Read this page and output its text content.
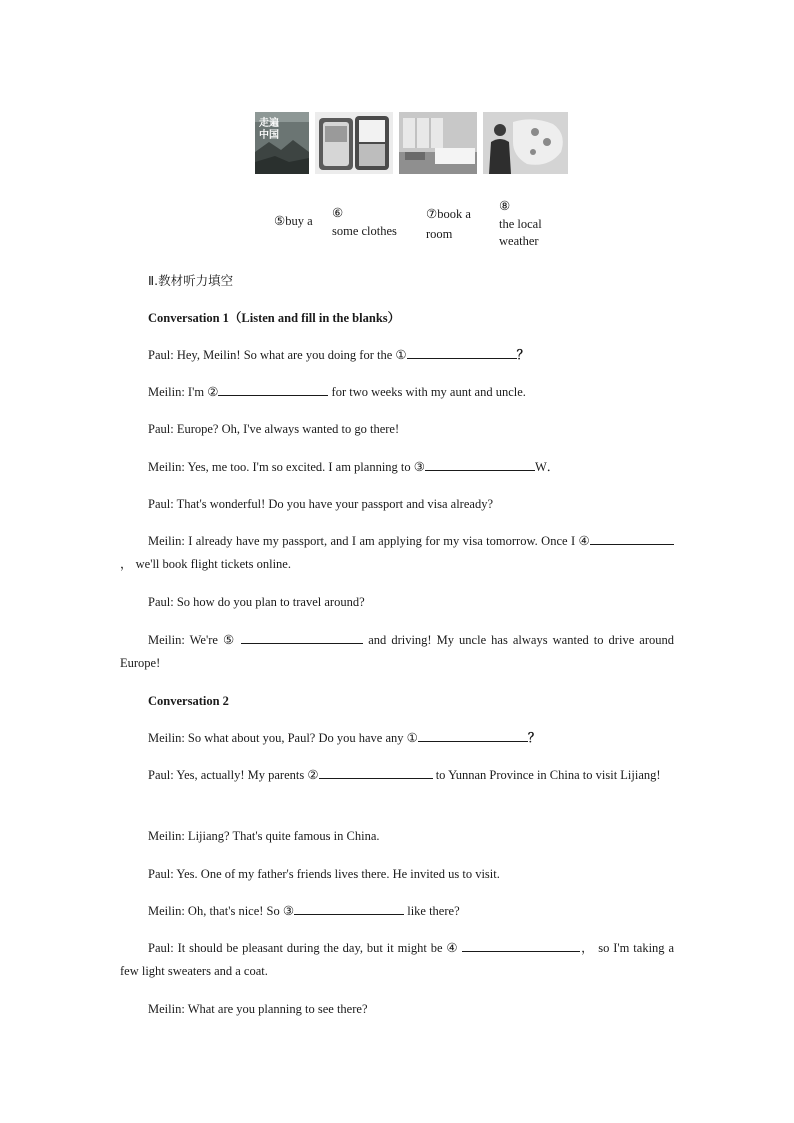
走遍中国
⑤buy a
⑥
some clothes
⑦book a
room
⑧
the local
weather
Ⅱ.教材听力填空
Conversation 1（Listen and fill in the blanks）
Paul: Hey, Meilin! So what are you doing for the ①	？
Meilin: I'm ②	for two weeks with my aunt and uncle.
Paul: Europe? Oh, I've always wanted to go there!
Meilin: Yes, me too. I'm so excited. I am planning to ③	W．
Paul: That's wonderful! Do you have your passport and visa already?
Meilin: I already have my passport, and I am applying for my visa tomorrow. Once I ④， we'll book flight tickets online.
Paul: So how do you plan to travel around?
Meilin: We're ⑤	and driving! My uncle has always wanted to drive around Europe!
Conversation 2
Meilin: So what about you, Paul? Do you have any ①	？
Paul: Yes, actually! My parents ②	to Yunnan Province in China to visit Lijiang!
Meilin: Lijiang? That's quite famous in China.
Paul: Yes. One of my father's friends lives there. He invited us to visit.
Meilin: Oh, that's nice! So ③	like there?
Paul: It should be pleasant during the day, but it might be ④	， so I'm taking a few light sweaters and a coat.
Meilin: What are you planning to see there?
